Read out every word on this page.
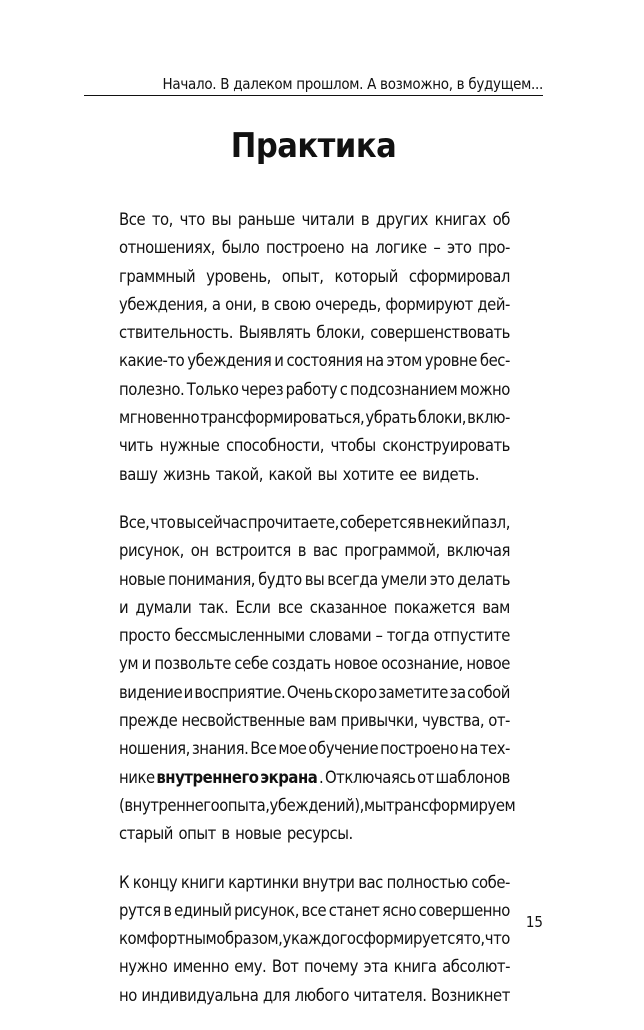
Начало. В далеком прошлом. А возможно, в будущем...
Практика
Все то, что вы раньше читали в других книгах об
отношениях, было построено на логике – это про-
граммный уровень, опыт, который сформировал
убеждения, а они, в свою очередь, формируют дей-
ствительность. Выявлять блоки, совершенствовать
какие-то убеждения и состояния на этом уровне бес-
полезно. Только через работу с подсознанием можно
мгновенно трансформироваться, убрать блоки, вклю-
чить нужные способности, чтобы сконструировать
вашу жизнь такой, какой вы хотите ее видеть.
Все, что вы сейчас прочитаете, соберется в некий пазл,
рисунок, он встроится в вас программой, включая
новые понимания, будто вы всегда умели это делать
и думали так. Если все сказанное покажется вам
просто бессмысленными словами – тогда отпустите
ум и позвольте себе создать новое осознание, новое
видение и восприятие. Очень скоро заметите за собой
прежде несвойственные вам привычки, чувства, от-
ношения, знания. Все мое обучение построено на тех-
нике внутреннего экрана . Отключаясь от шаблонов
(внутреннего опыта, убеждений), мы трансформируем
старый опыт в новые ресурсы.
К концу книги картинки внутри вас полностью собе-
рутся в единый рисунок, все станет ясно совершенно
комфортным образом, у каждого сформируется то, что
нужно именно ему. Вот почему эта книга абсолют-
но индивидуальна для любого читателя. Возникнет
15
